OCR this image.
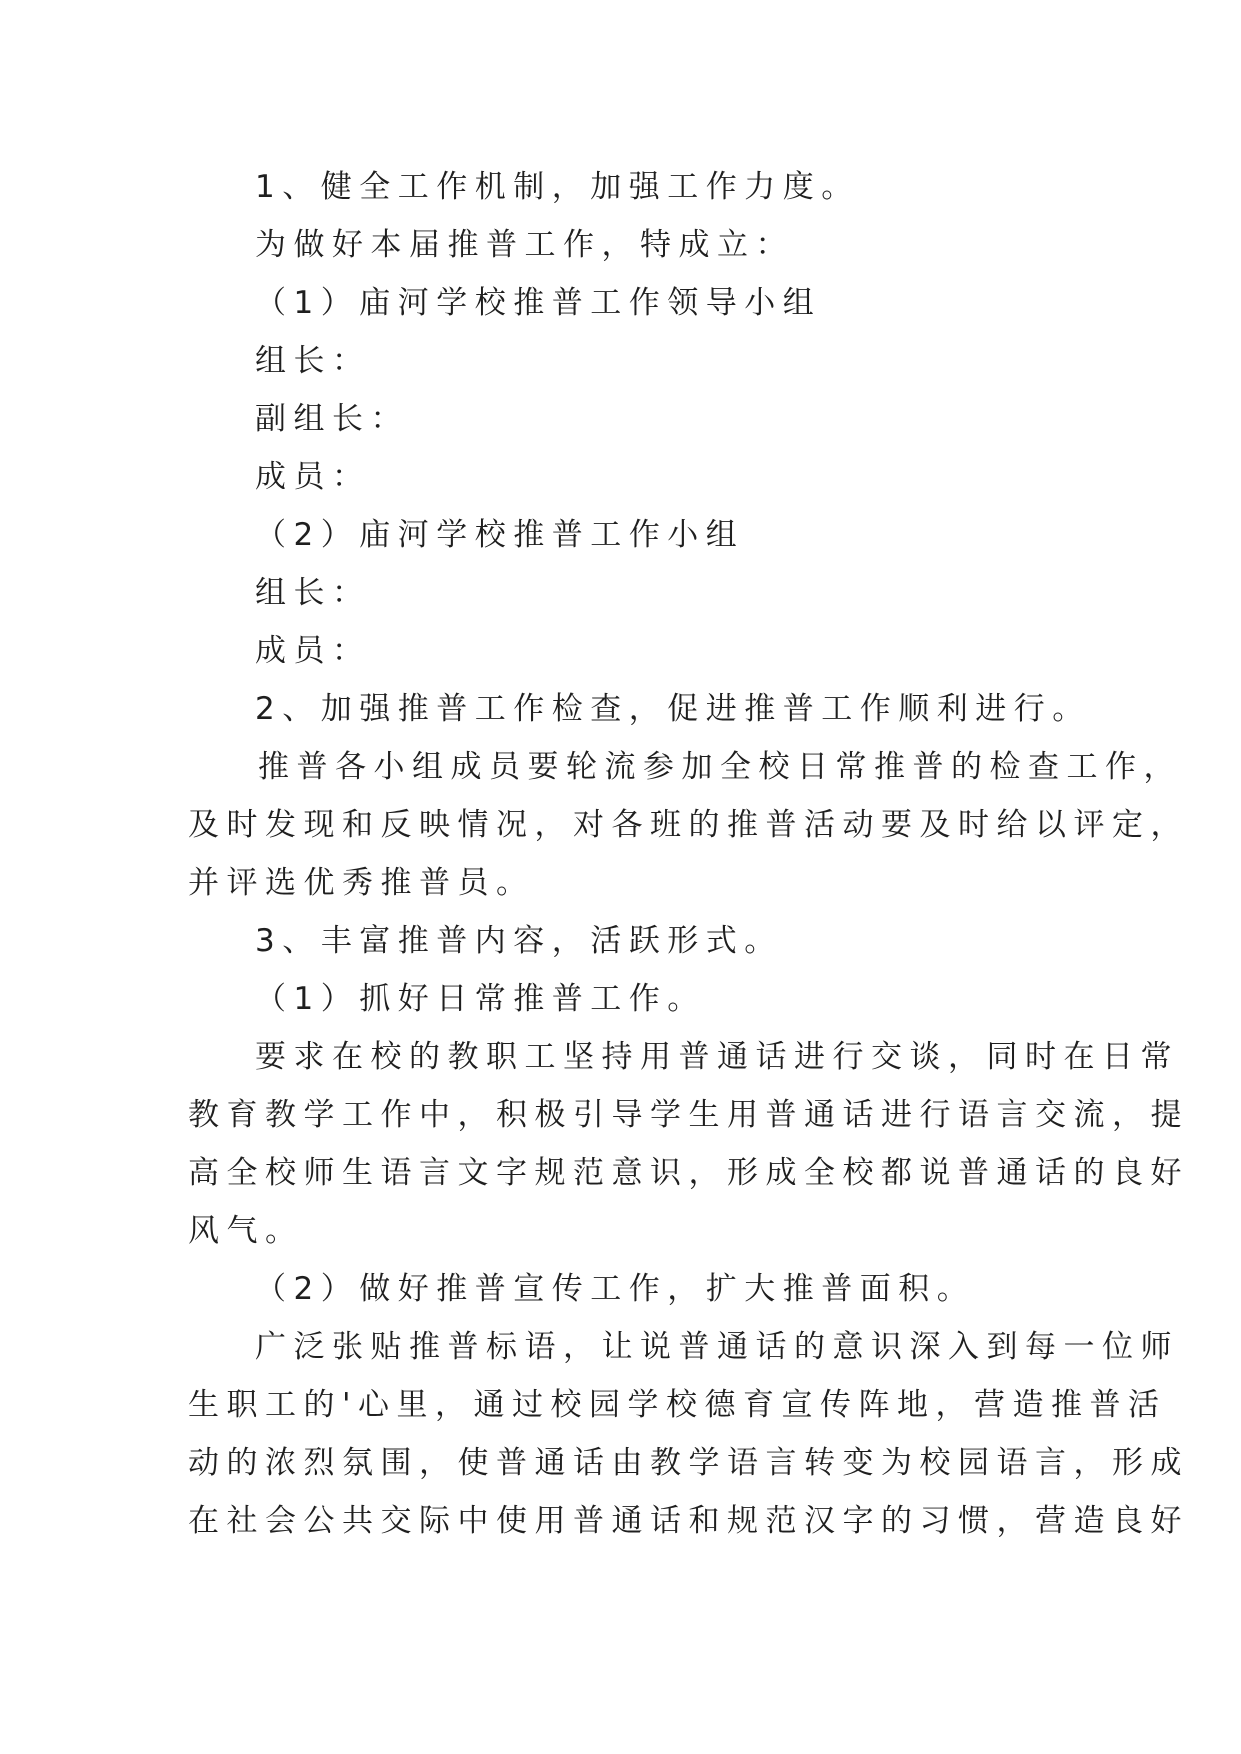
1、健全工作机制，加强工作力度。
为做好本届推普工作，特成立：
（1）庙河学校推普工作领导小组
组长：
副组长：
成员：
（2）庙河学校推普工作小组
组长：
成员：
2、加强推普工作检查，促进推普工作顺利进行。
推普各小组成员要轮流参加全校日常推普的检查工作，
及时发现和反映情况，对各班的推普活动要及时给以评定，
并评选优秀推普员。
3、丰富推普内容，活跃形式。
（1）抓好日常推普工作。
要求在校的教职工坚持用普通话进行交谈，同时在日常
教育教学工作中，积极引导学生用普通话进行语言交流，提
高全校师生语言文字规范意识，形成全校都说普通话的良好
风气。
（2）做好推普宣传工作，扩大推普面积。
广泛张贴推普标语，让说普通话的意识深入到每一位师
生职工的'心里，通过校园学校德育宣传阵地，营造推普活
动的浓烈氛围，使普通话由教学语言转变为校园语言，形成
在社会公共交际中使用普通话和规范汉字的习惯，营造良好
